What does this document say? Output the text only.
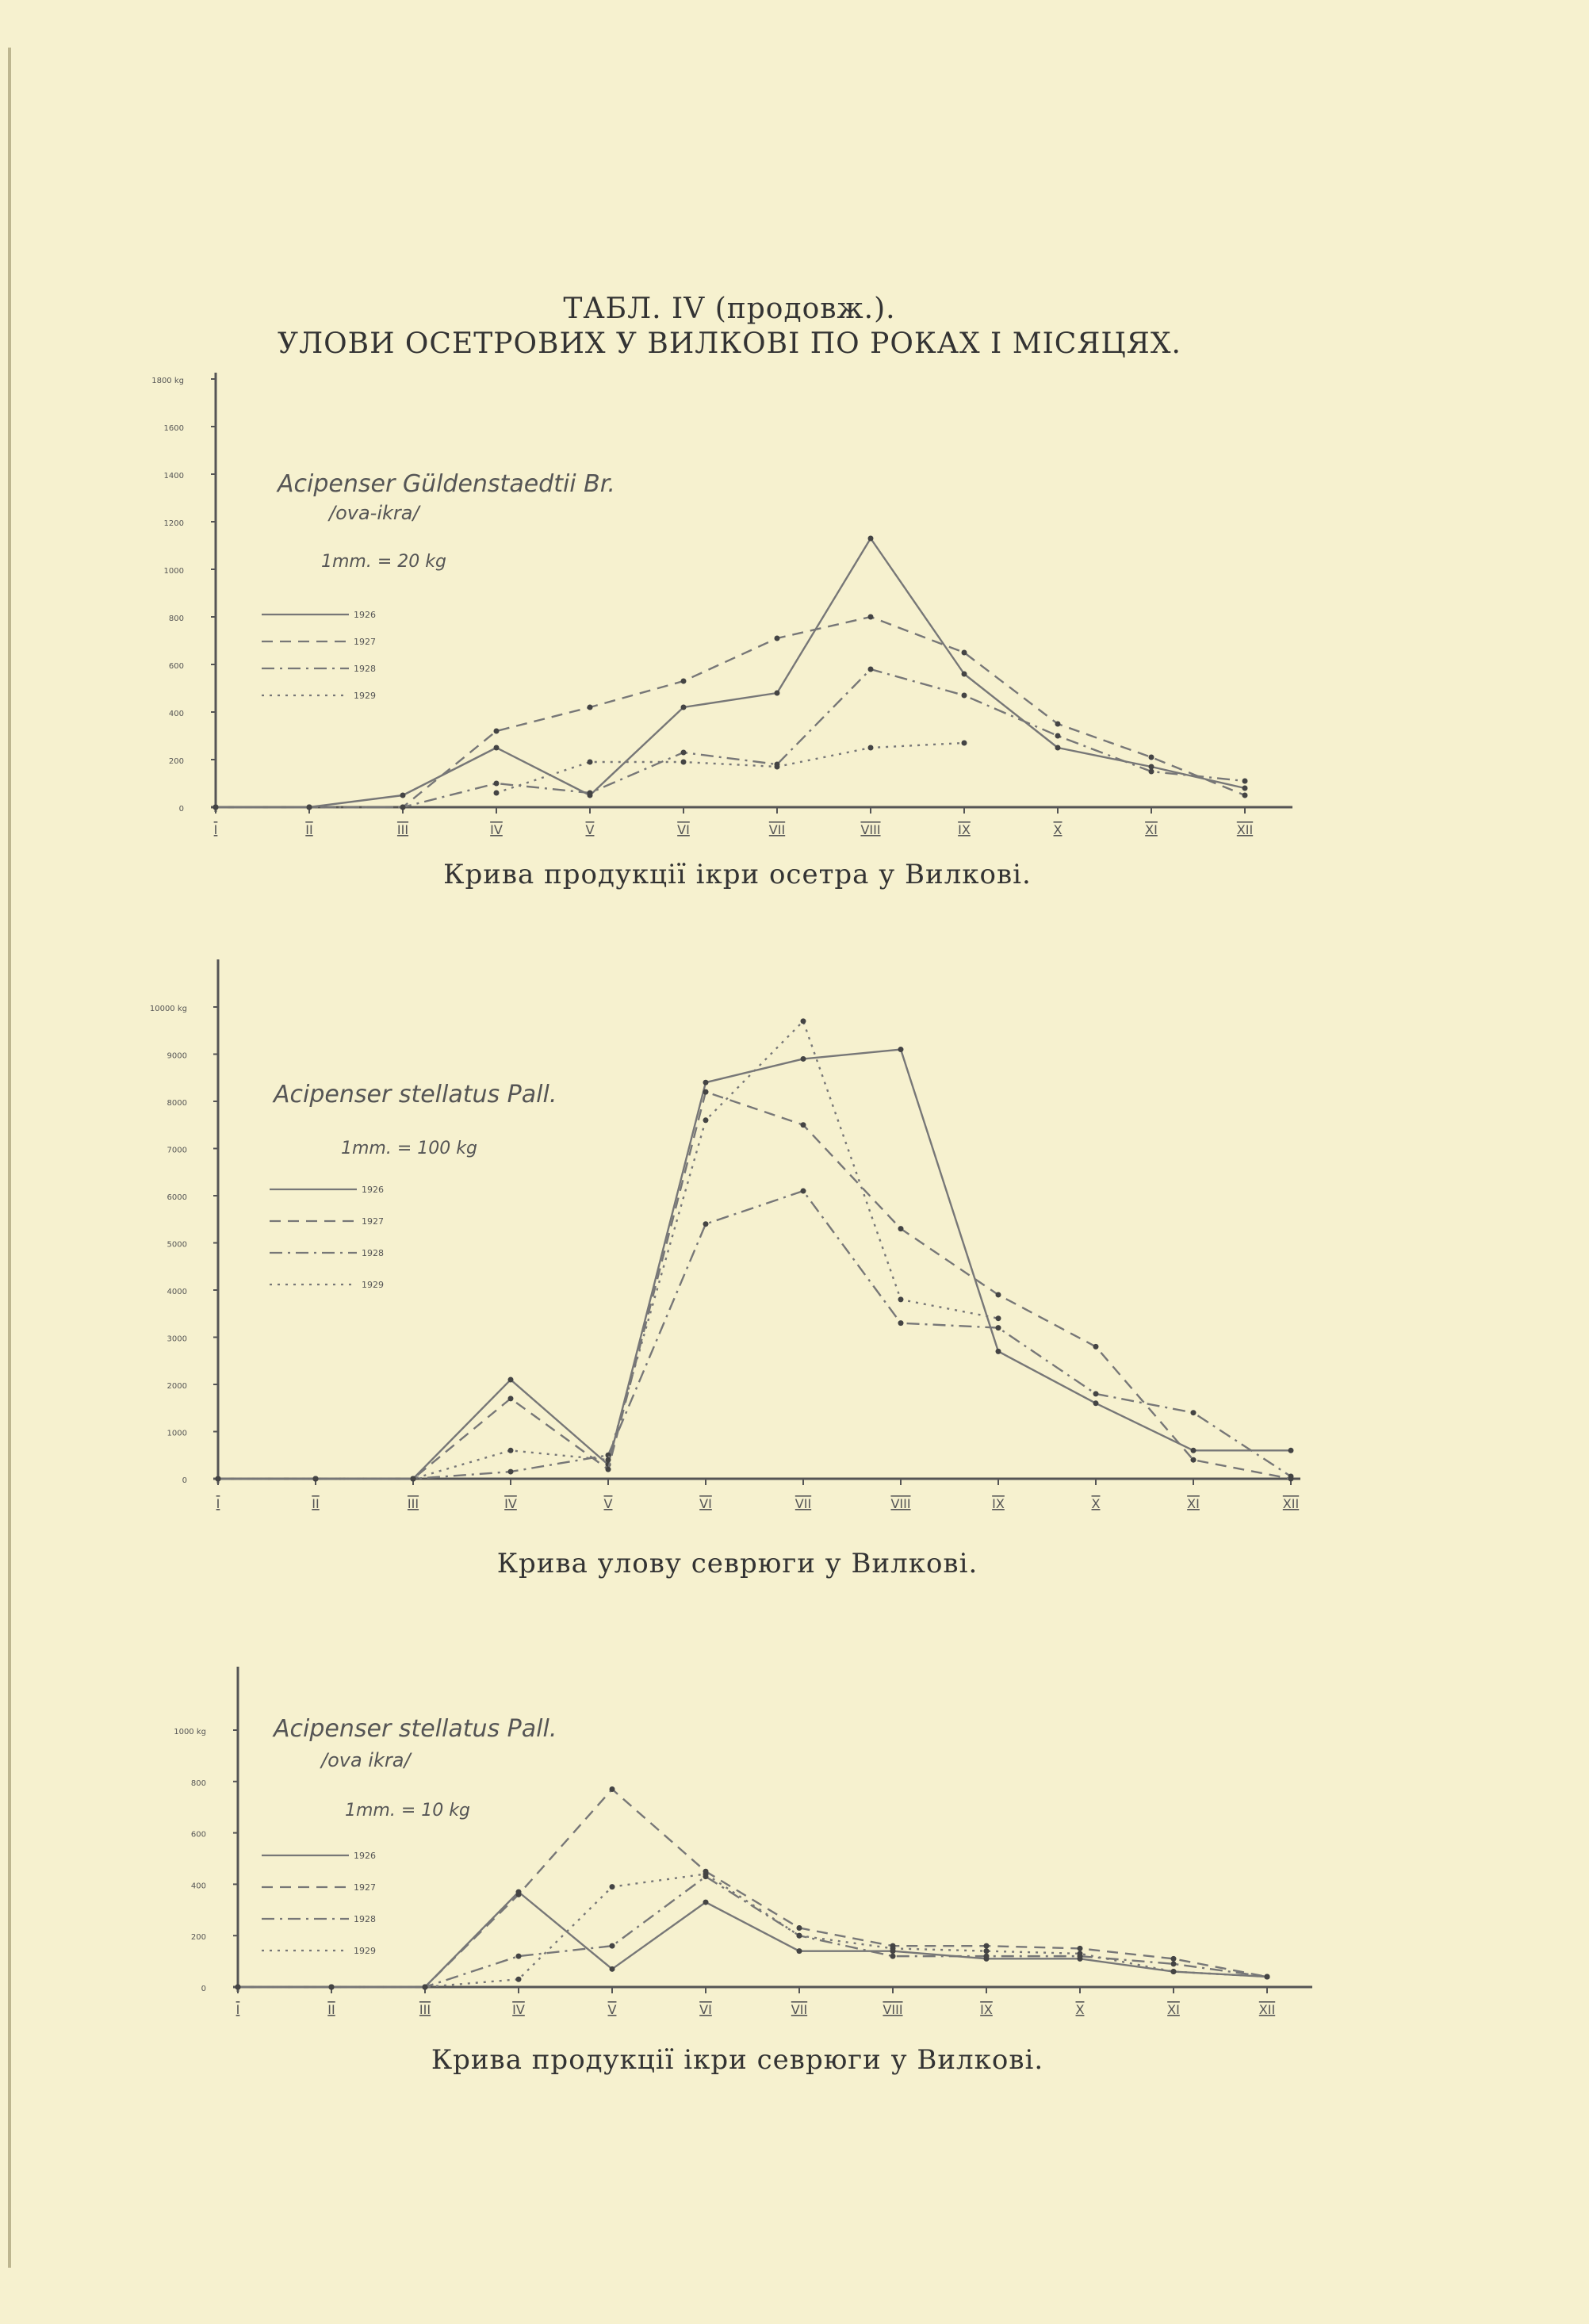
ТАБЛ. IV (продовж.).
УЛОВИ ОСЕТРОВИХ У ВИЛКОВІ ПО РОКАХ І МІСЯЦЯХ.
0
200
400
600
800
1000
1200
1400
1600
1800 kg
I	II	III	IV	V	VI	VII	VIII	IX	X	XI	XII
Acipenser Güldenstaedtii Br.
/ova-ikra/
1mm. = 20 kg
1926
1927
1928
1929
Крива продукції ікри осетра у Вилкові.
0
1000
2000
3000
4000
5000
6000
7000
8000
9000
10000 kg
I	II	III	IV	V	VI	VII	VIII	IX	X	XI	XII
Acipenser stellatus Pall.
1mm. = 100 kg
1926
1927
1928
1929
Крива улову севрюги у Вилкові.
0
200
400
600
800
1000 kg
I	II	III	IV	V	VI	VII	VIII	IX	X	XI	XII
Acipenser stellatus Pall.
/ova ikra/
1mm. = 10 kg
1926
1927
1928
1929
Крива продукції ікри севрюги у Вилкові.
